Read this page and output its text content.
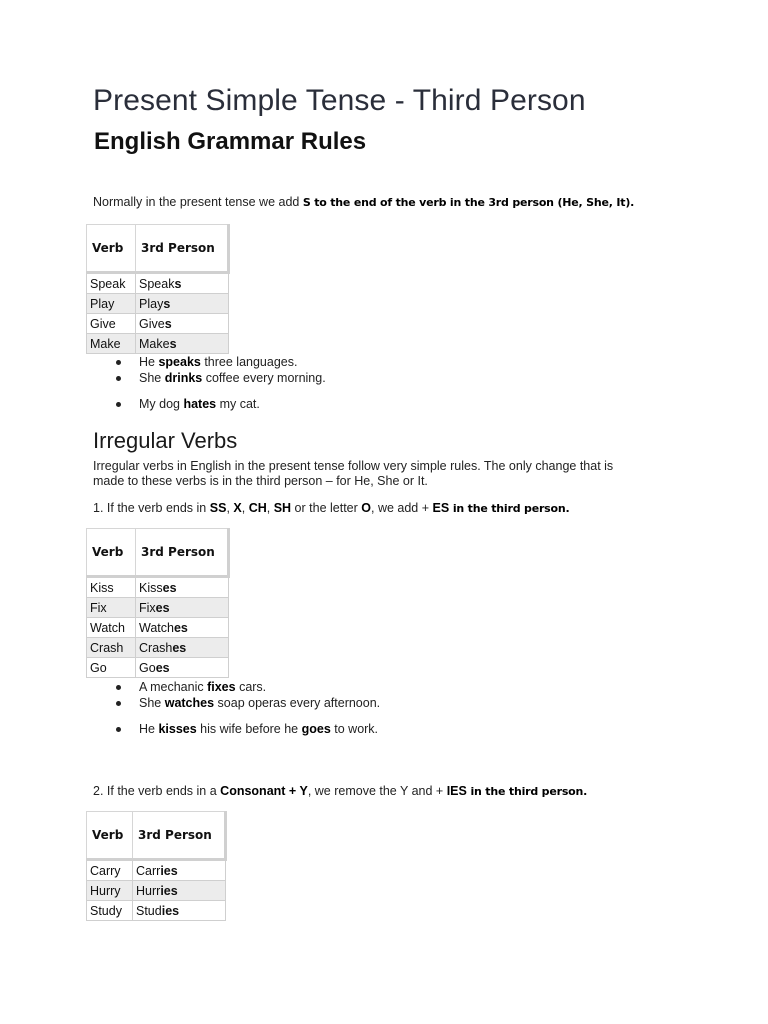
Present Simple Tense - Third Person
English Grammar Rules
Normally in the present tense we add S to the end of the verb in the 3rd person (He, She, It).
Verb	3rd Person
Speak	Speaks
Play	Plays
Give	Gives
Make	Makes
He speaks three languages.
She drinks coffee every morning.
My dog hates my cat.
Irregular Verbs
Irregular verbs in English in the present tense follow very simple rules. The only change that is
made to these verbs is in the third person – for He, She or It.
1. If the verb ends in SS, X, CH, SH or the letter O, we add + ES in the third person.
Verb	3rd Person
Kiss	Kisses
Fix	Fixes
Watch	Watches
Crash	Crashes
Go	Goes
A mechanic fixes cars.
She watches soap operas every afternoon.
He kisses his wife before he goes to work.
2. If the verb ends in a Consonant + Y, we remove the Y and + IES in the third person.
Verb	3rd Person
Carry	Carries
Hurry	Hurries
Study	Studies
